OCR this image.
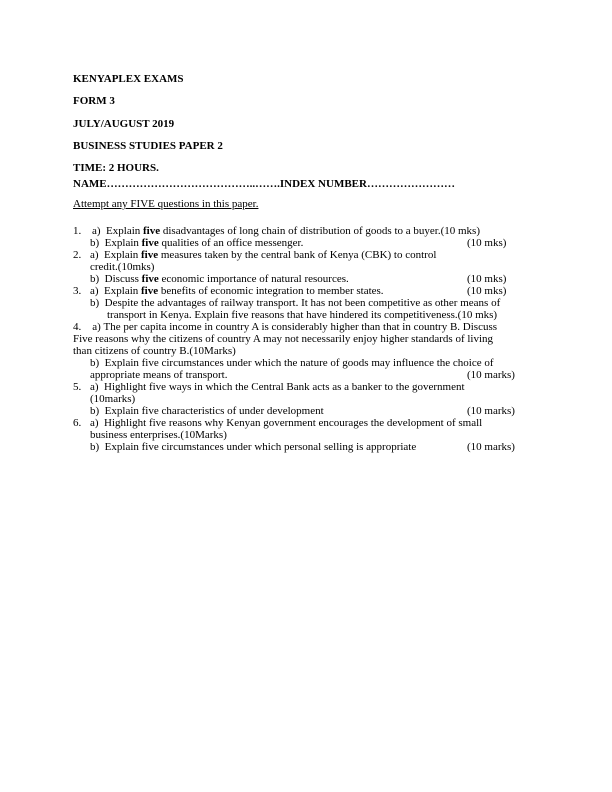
KENYAPLEX EXAMS
FORM 3
JULY/AUGUST 2019
BUSINESS STUDIES PAPER 2
TIME: 2 HOURS.
NAME…………………………………..…….INDEX NUMBER……………………
Attempt any FIVE questions in this paper.
1. a) Explain five disadvantages of long chain of distribution of goods to a buyer.(10 mks)
b) Explain five qualities of an office messenger.	(10 mks)
2. a) Explain five measures taken by the central bank of Kenya (CBK) to control
credit.(10mks)
b) Discuss five economic importance of natural resources.	(10 mks)
3. a) Explain five benefits of economic integration to member states.	(10 mks)
b) Despite the advantages of railway transport. It has not been competitive as other means of
transport in Kenya. Explain five reasons that have hindered its competitiveness.(10 mks)
4. a) The per capita income in country A is considerably higher than that in country B. Discuss
Five reasons why the citizens of country A may not necessarily enjoy higher standards of living
than citizens of country B.(10Marks)
b) Explain five circumstances under which the nature of goods may influence the choice of
appropriate means of transport.	(10 marks)
5. a) Highlight five ways in which the Central Bank acts as a banker to the government
(10marks)
b) Explain five characteristics of under development	(10 marks)
6. a) Highlight five reasons why Kenyan government encourages the development of small
business enterprises.(10Marks)
b) Explain five circumstances under which personal selling is appropriate	(10 marks)
